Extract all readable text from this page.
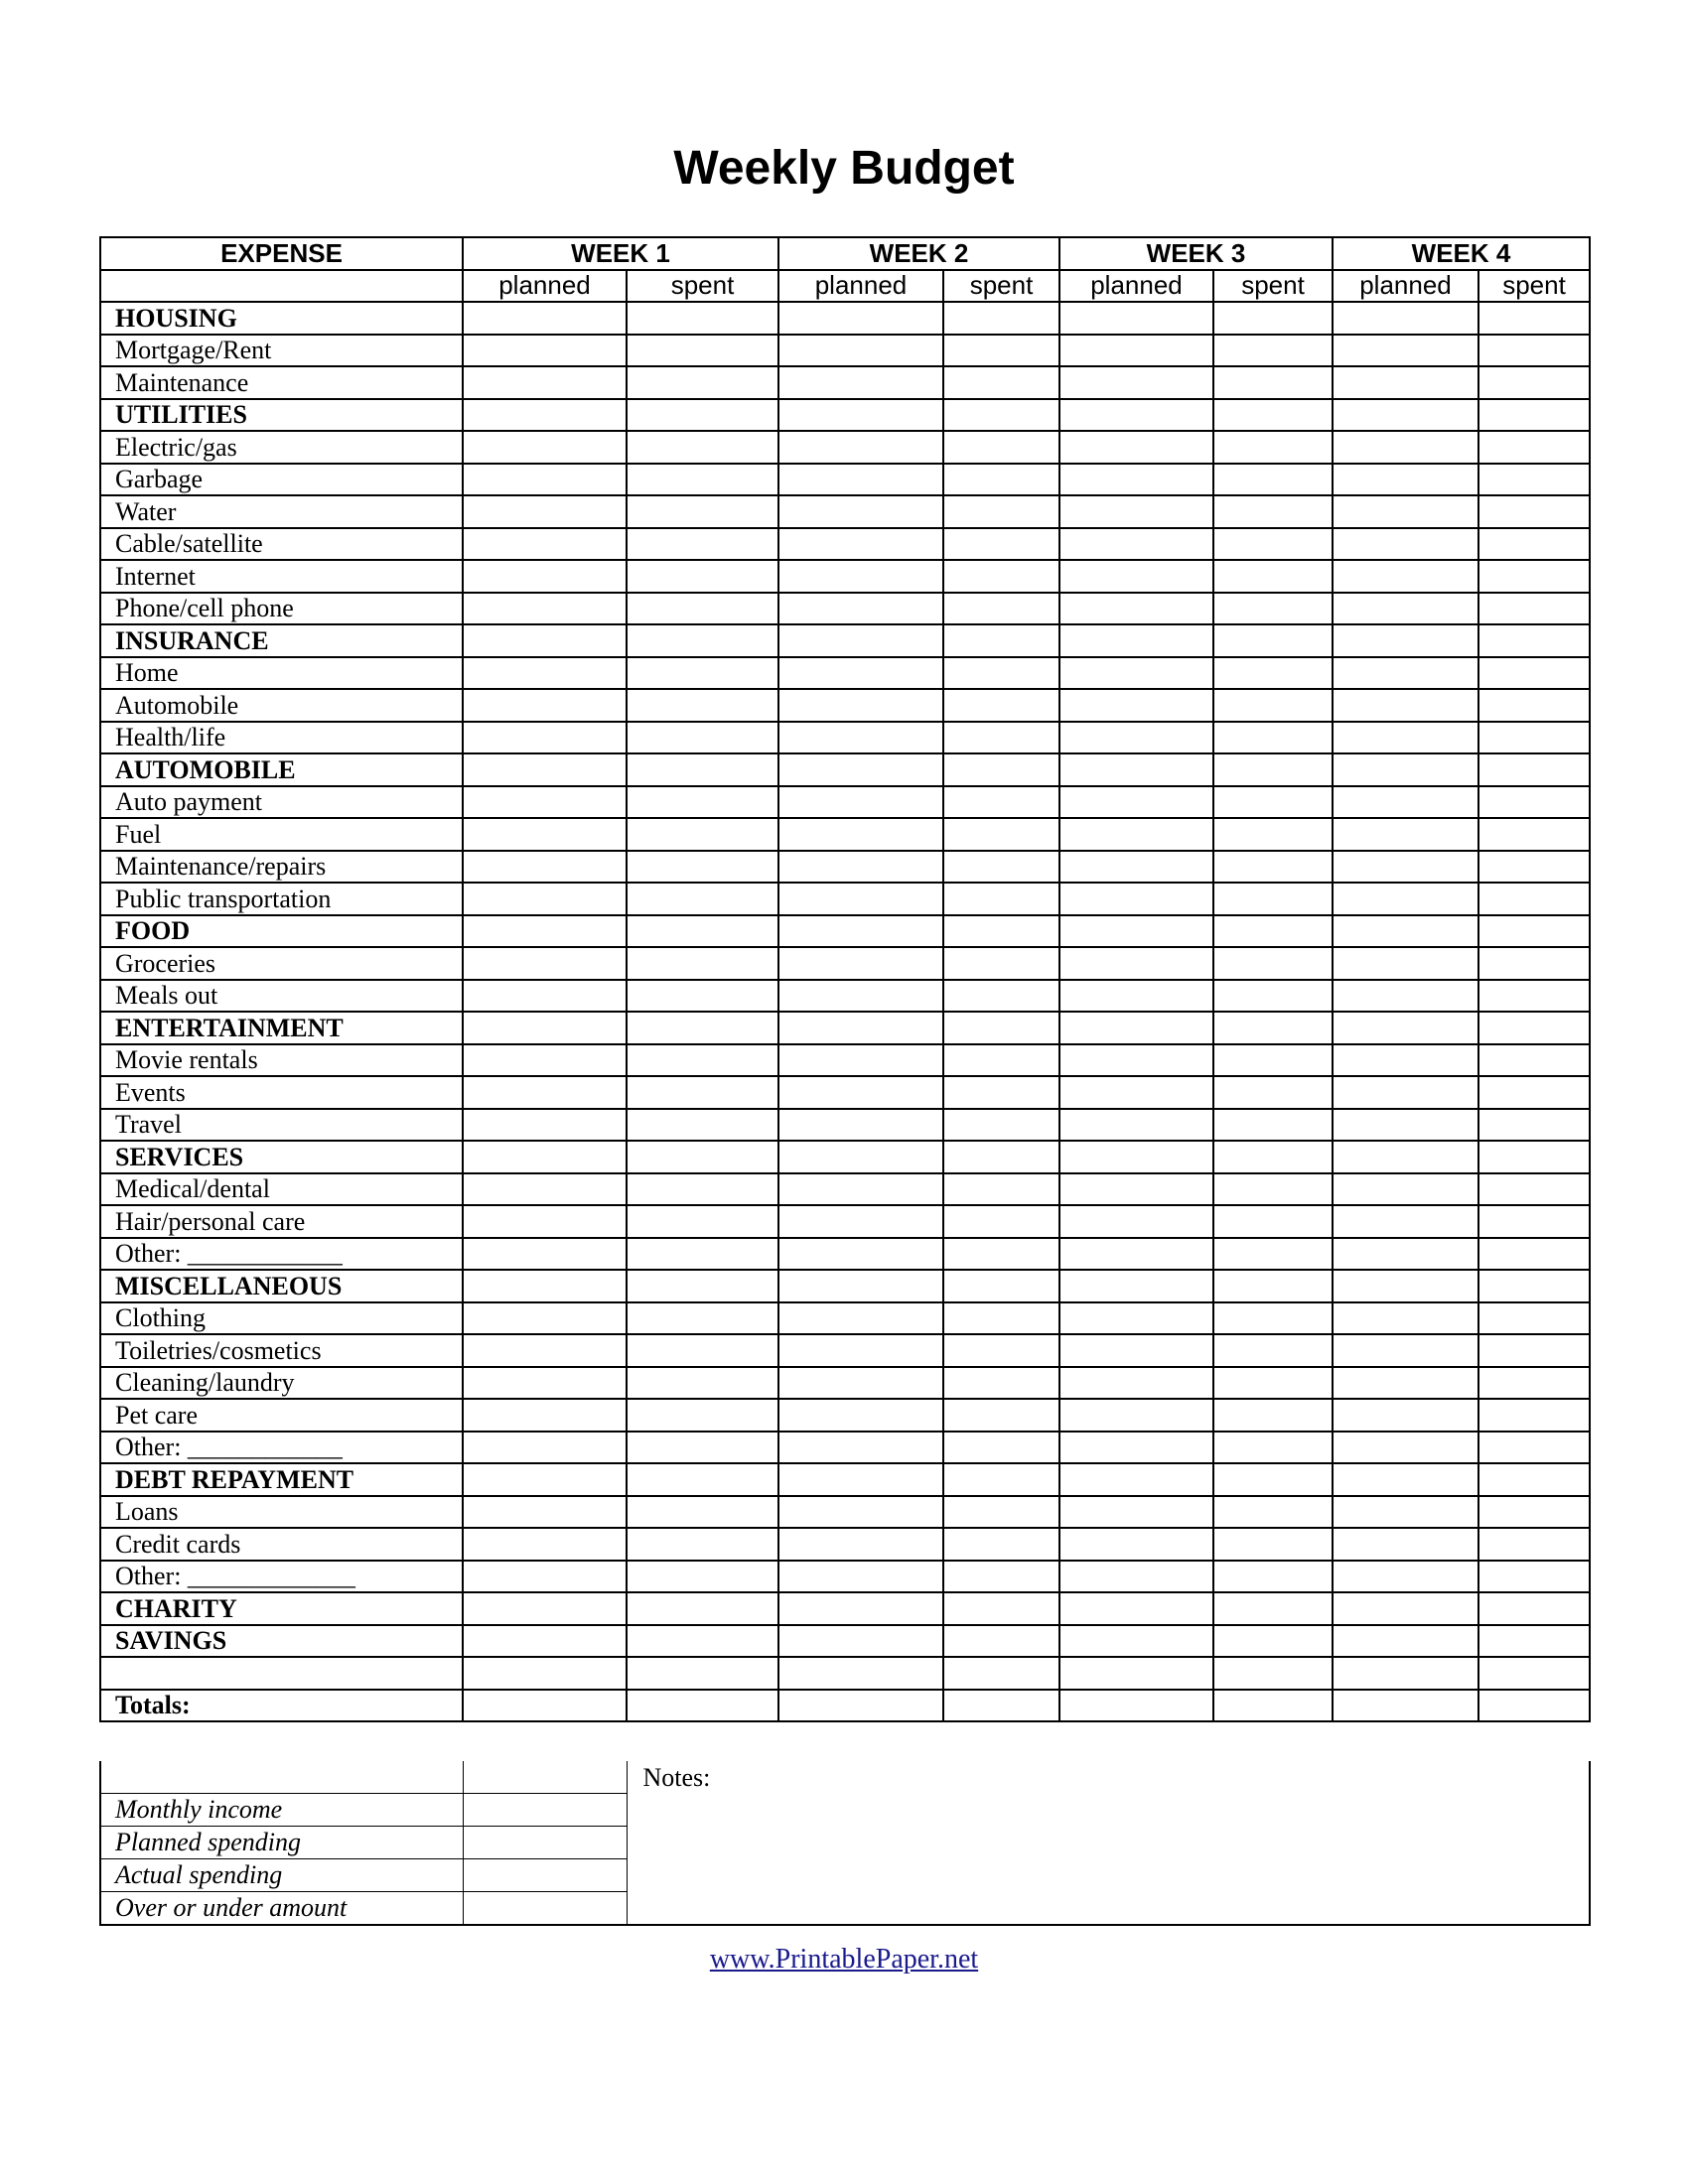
Weekly Budget
EXPENSE	WEEK 1		WEEK 2		WEEK 3		WEEK 4	
	planned	spent	planned	spent	planned	spent	planned	spent
HOUSING								
Mortgage/Rent								
Maintenance								
UTILITIES								
Electric/gas								
Garbage								
Water								
Cable/satellite								
Internet								
Phone/cell phone								
INSURANCE								
Home								
Automobile								
Health/life								
AUTOMOBILE								
Auto payment								
Fuel								
Maintenance/repairs								
Public transportation								
FOOD								
Groceries								
Meals out								
ENTERTAINMENT								
Movie rentals								
Events								
Travel								
SERVICES								
Medical/dental								
Hair/personal care								
Other: ____________								
MISCELLANEOUS								
Clothing								
Toiletries/cosmetics								
Cleaning/laundry								
Pet care								
Other: ____________								
DEBT REPAYMENT								
Loans								
Credit cards								
Other: _____________								
CHARITY								
SAVINGS								

Totals:								
		Notes:
Monthly income		
Planned spending		
Actual spending		
Over or under amount		
www.PrintablePaper.net
